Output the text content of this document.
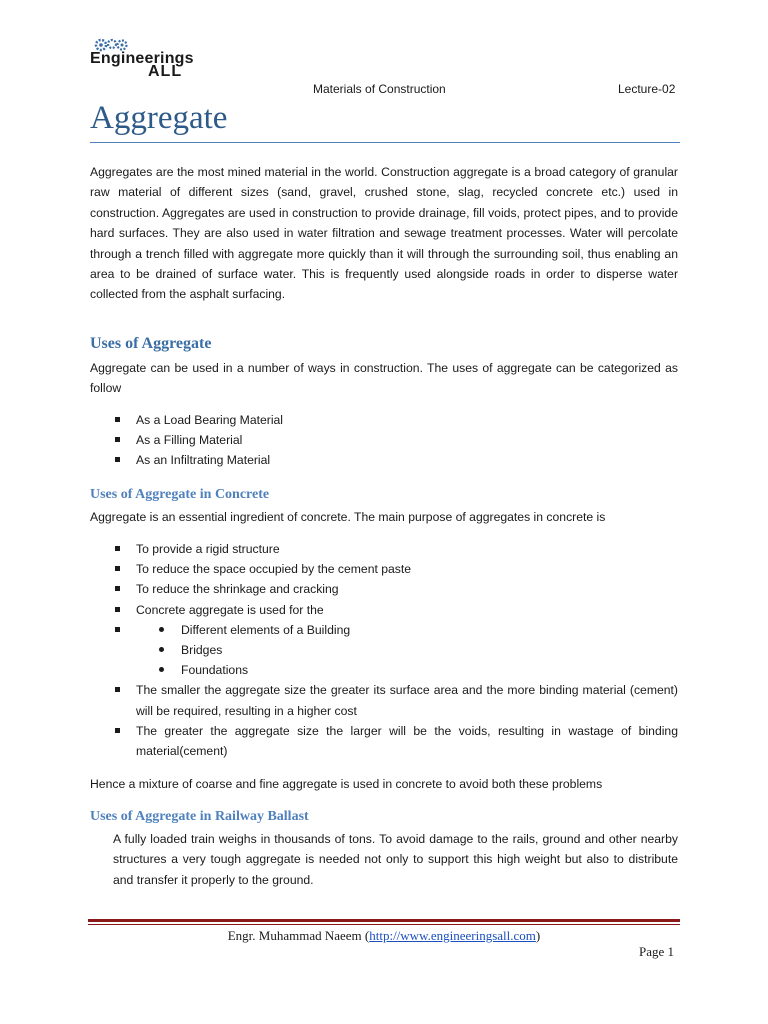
Engineerings
ALL
Materials of Construction	Lecture-02
Aggregate

Aggregates are the most mined material in the world. Construction aggregate is a broad category of granular raw material of different sizes (sand, gravel, crushed stone, slag, recycled concrete etc.) used in construction. Aggregates are used in construction to provide drainage, fill voids, protect pipes, and to provide hard surfaces. They are also used in water filtration and sewage treatment processes. Water will percolate through a trench filled with aggregate more quickly than it will through the surrounding soil, thus enabling an area to be drained of surface water. This is frequently used alongside roads in order to disperse water collected from the asphalt surfacing.

Uses of Aggregate

Aggregate can be used in a number of ways in construction. The uses of aggregate can be categorized as follow

As a Load Bearing Material
As a Filling Material
As an Infiltrating Material
Uses of Aggregate in Concrete

Aggregate is an essential ingredient of concrete. The main purpose of aggregates in concrete is

To provide a rigid structure
To reduce the space occupied by the cement paste
To reduce the shrinkage and cracking
Concrete aggregate is used for the
Different elements of a Building
Bridges
Foundations
The smaller the aggregate size the greater its surface area and the more binding material (cement) will be required, resulting in a higher cost
The greater the aggregate size the larger will be the voids, resulting in wastage of binding material(cement)

Hence a mixture of coarse and fine aggregate is used in concrete to avoid both these problems

Uses of Aggregate in Railway Ballast

A fully loaded train weighs in thousands of tons. To avoid damage to the rails, ground and other nearby structures a very tough aggregate is needed not only to support this high weight but also to distribute and transfer it properly to the ground.

Engr. Muhammad Naeem (http://www.engineeringsall.com)
Page 1
